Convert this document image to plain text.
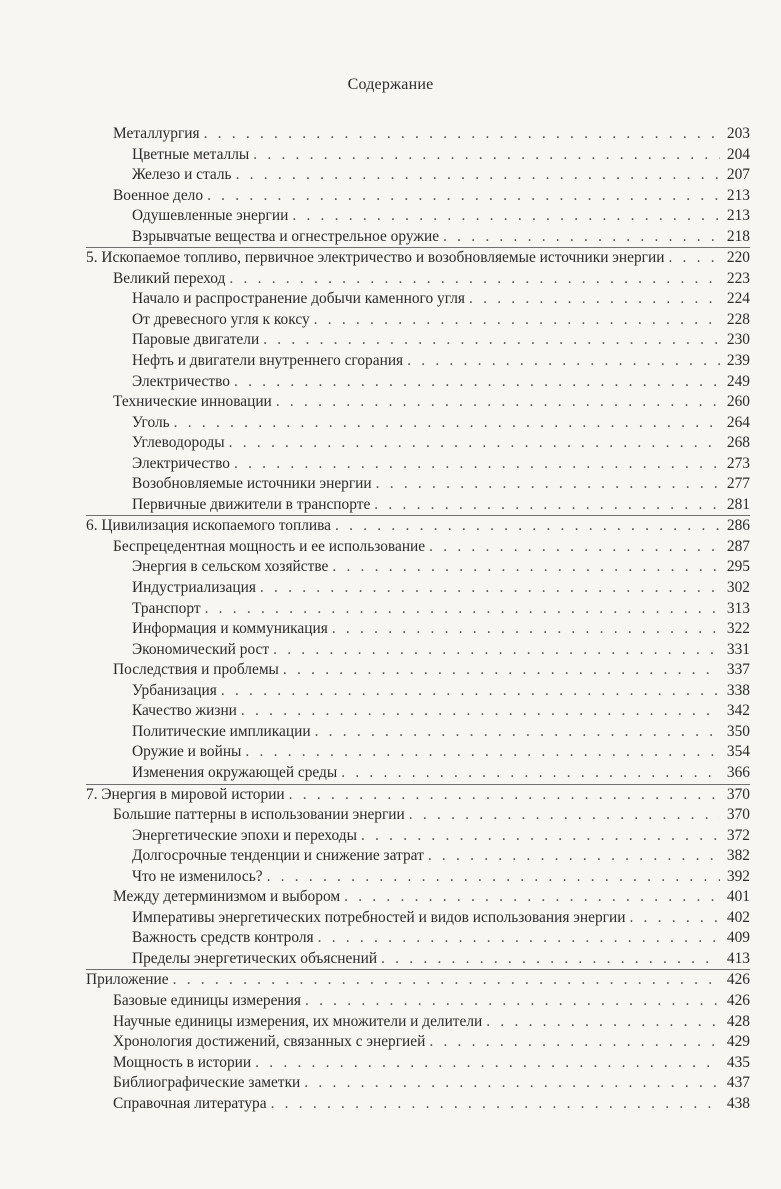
Содержание
Металлургия . . .	203
Цветные металлы . . .	204
Железо и сталь . . .	207
Военное дело . . .	213
Одушевленные энергии . . .	213
Взрывчатые вещества и огнестрельное оружие . . .	218
5. Ископаемое топливо, первичное электричество и возобновляемые источники энергии . . .	220
Великий переход . . .	223
Начало и распространение добычи каменного угля . . .	224
От древесного угля к коксу . . .	228
Паровые двигатели . . .	230
Нефть и двигатели внутреннего сгорания . . .	239
Электричество . . .	249
Технические инновации . . .	260
Уголь . . .	264
Углеводороды . . .	268
Электричество . . .	273
Возобновляемые источники энергии . . .	277
Первичные движители в транспорте . . .	281
6. Цивилизация ископаемого топлива . . .	286
Беспрецедентная мощность и ее использование . . .	287
Энергия в сельском хозяйстве . . .	295
Индустриализация . . .	302
Транспорт . . .	313
Информация и коммуникация . . .	322
Экономический рост . . .	331
Последствия и проблемы . . .	337
Урбанизация . . .	338
Качество жизни . . .	342
Политические импликации . . .	350
Оружие и войны . . .	354
Изменения окружающей среды . . .	366
7. Энергия в мировой истории . . .	370
Большие паттерны в использовании энергии . . .	370
Энергетические эпохи и переходы . . .	372
Долгосрочные тенденции и снижение затрат . . .	382
Что не изменилось? . . .	392
Между детерминизмом и выбором . . .	401
Императивы энергетических потребностей и видов использования энергии . . .	402
Важность средств контроля . . .	409
Пределы энергетических объяснений . . .	413
Приложение . . .	426
Базовые единицы измерения . . .	426
Научные единицы измерения, их множители и делители . . .	428
Хронология достижений, связанных с энергией . . .	429
Мощность в истории . . .	435
Библиографические заметки . . .	437
Справочная литература . . .	438
